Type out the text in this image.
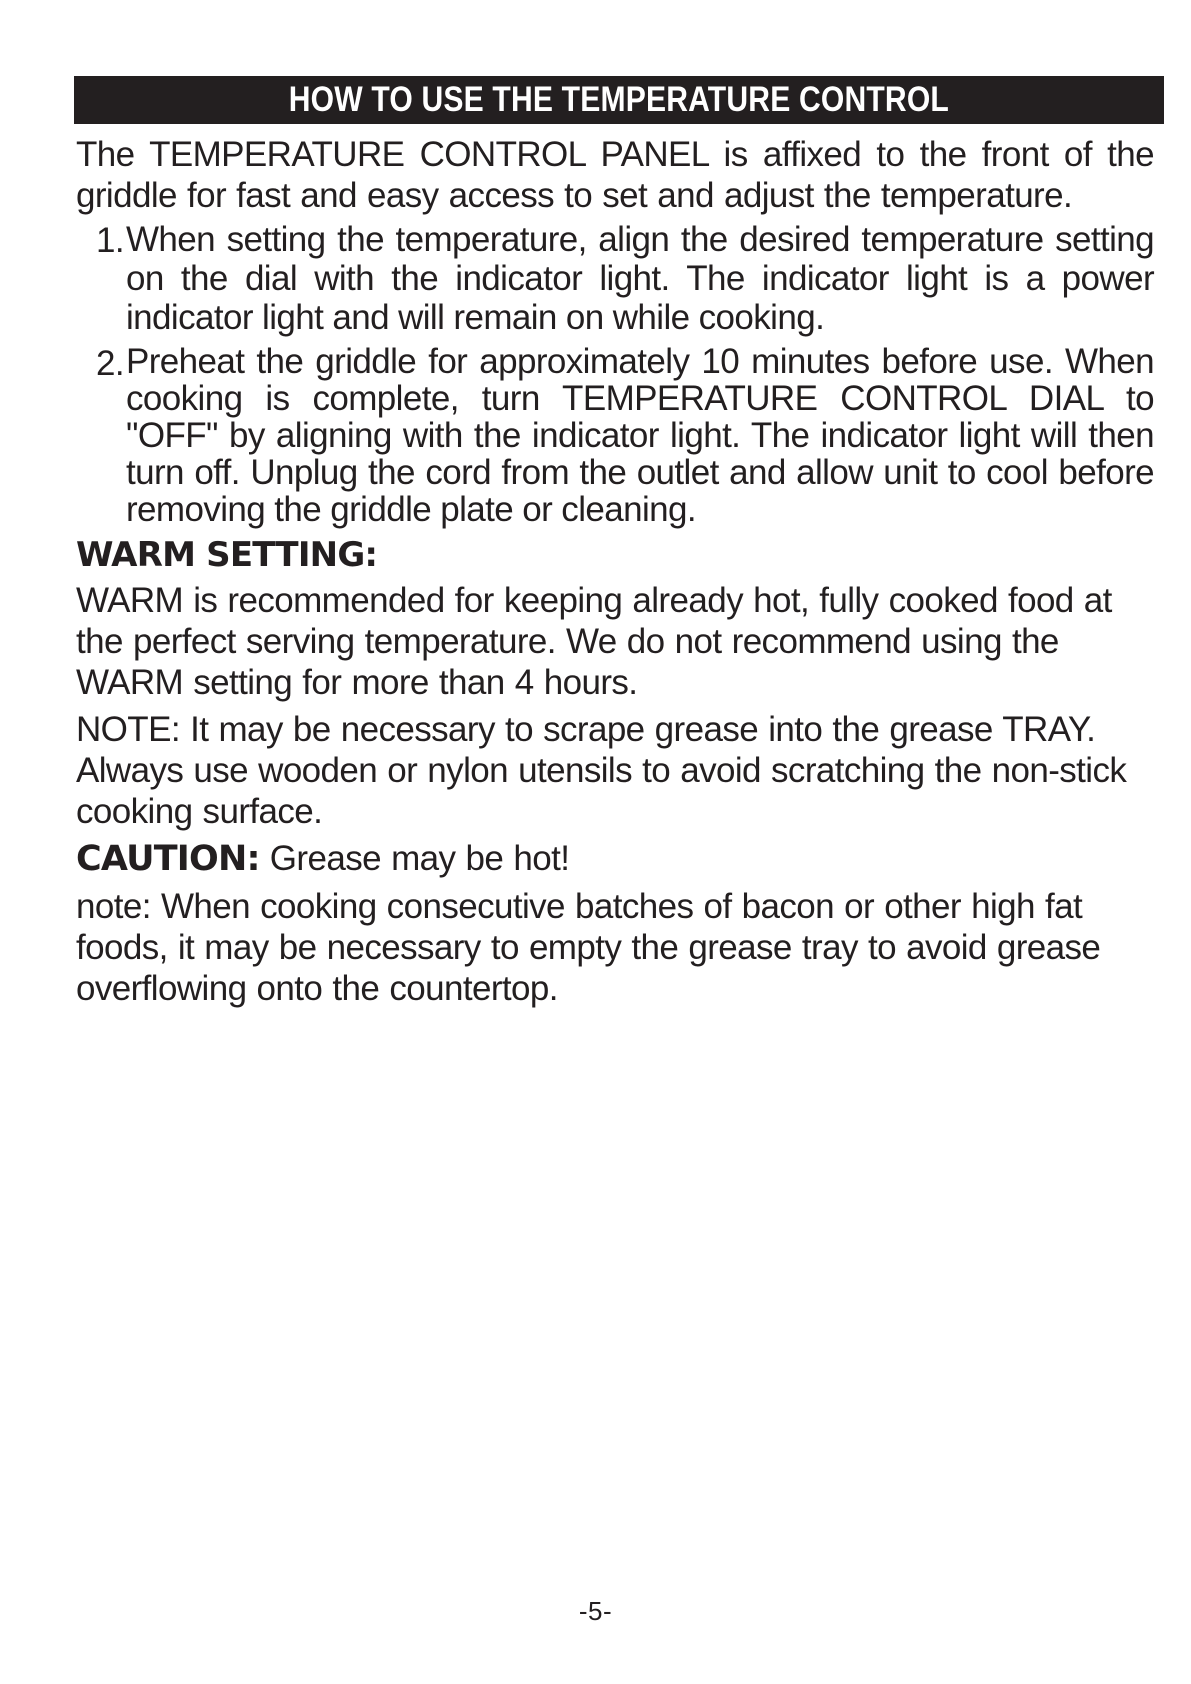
HOW TO USE THE TEMPERATURE CONTROL

The TEMPERATURE CONTROL PANEL is affixed to the front of the griddle for fast and easy access to set and adjust the temperature.

1. When setting the temperature, align the desired temperature setting on the dial with the indicator light. The indicator light is a power indicator light and will remain on while cooking.
2. Preheat the griddle for approximately 10 minutes before use. When cooking is complete, turn TEMPERATURE CONTROL DIAL to "OFF" by aligning with the indicator light. The indicator light will then turn off. Unplug the cord from the outlet and allow unit to cool before removing the griddle plate or cleaning.
WARM SETTING:

WARM is recommended for keeping already hot, fully cooked food at the perfect serving temperature. We do not recommend using the WARM setting for more than 4 hours.

NOTE: It may be necessary to scrape grease into the grease TRAY. Always use wooden or nylon utensils to avoid scratching the non-stick cooking surface.

CAUTION: Grease may be hot!

note: When cooking consecutive batches of bacon or other high fat foods, it may be necessary to empty the grease tray to avoid grease overflowing onto the countertop.

-5-
